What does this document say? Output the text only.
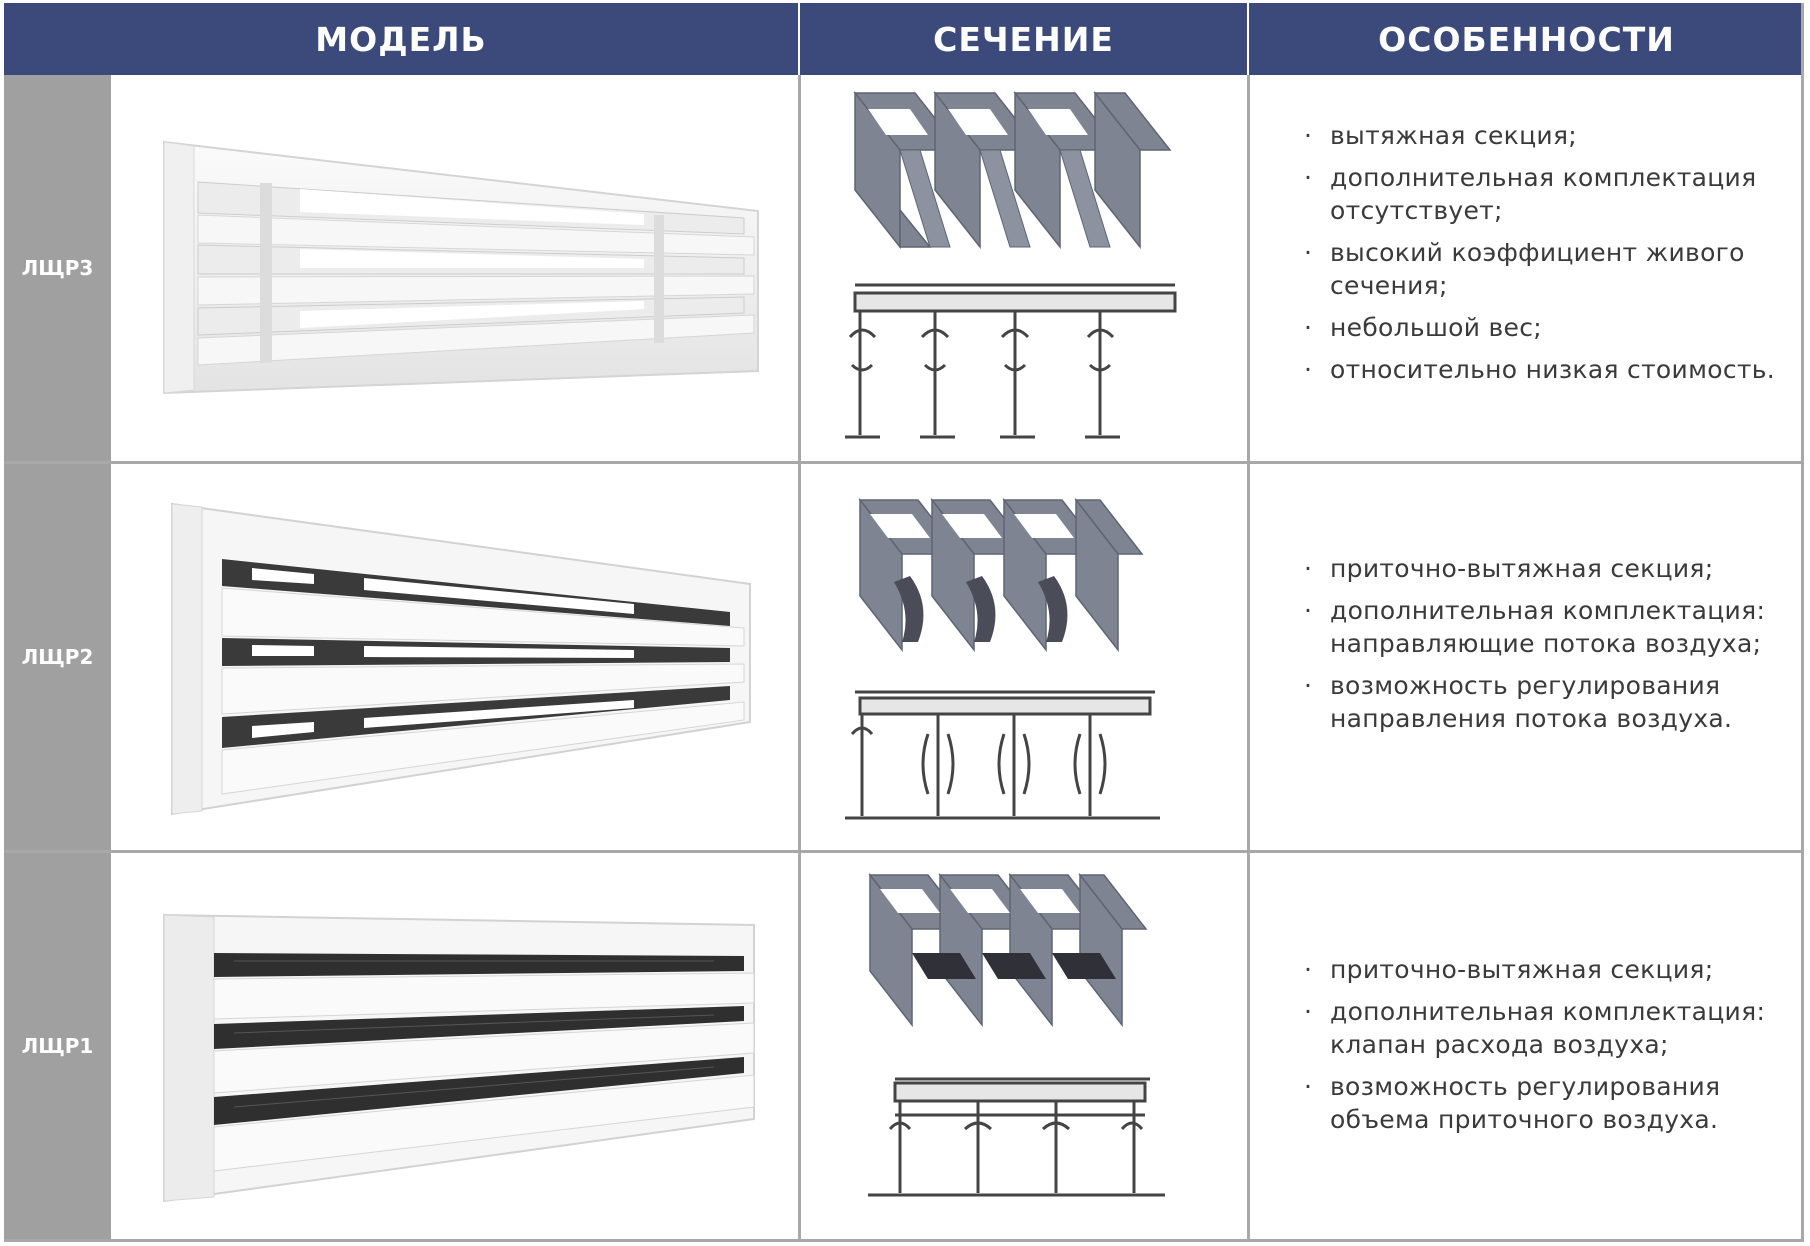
МОДЕЛЬ	СЕЧЕНИЕ	ОСОБЕННОСТИ
ЛЩР3
· вытяжная секция;
· дополнительная комплектация отсутствует;
· высокий коэффициент живого сечения;
· небольшой вес;
· относительно низкая стоимость.
ЛЩР2
· приточно-вытяжная секция;
· дополнительная комплектация: направляющие потока воздуха;
· возможность регулирования направления потока воздуха.
ЛЩР1
· приточно-вытяжная секция;
· дополнительная комплектация: клапан расхода воздуха;
· возможность регулирования объема приточного воздуха.
